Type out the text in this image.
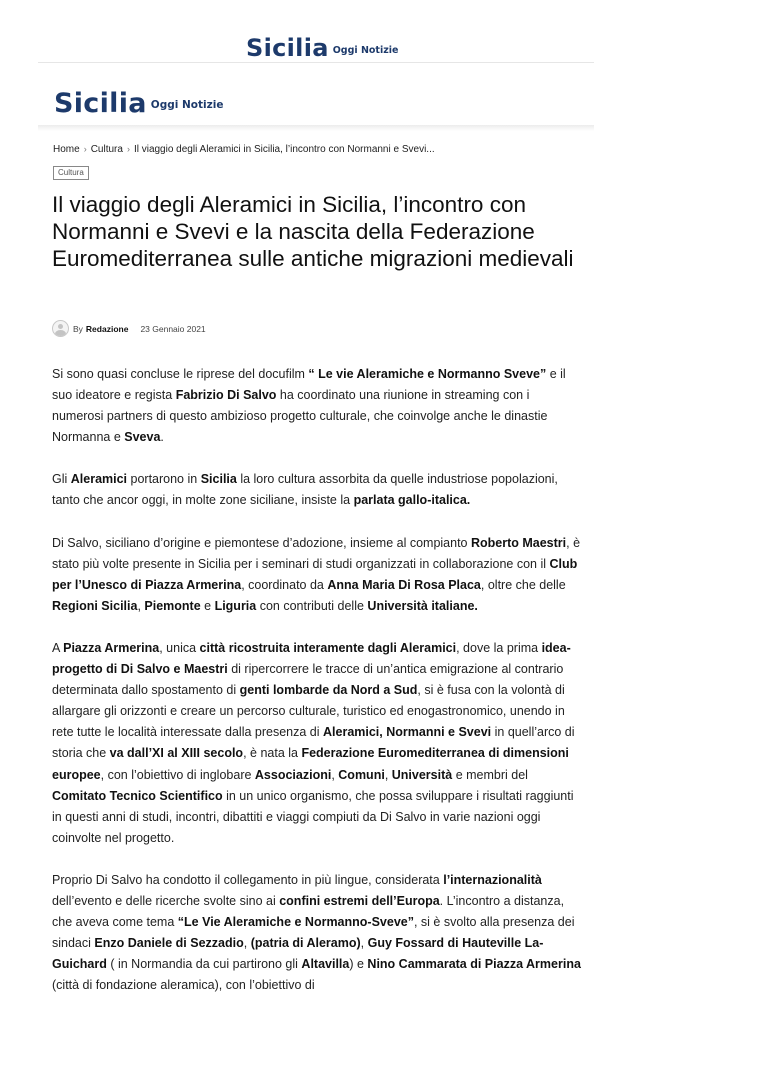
Sicilia Oggi Notizie
Sicilia Oggi Notizie
Home › Cultura › Il viaggio degli Aleramici in Sicilia, l’incontro con Normanni e Svevi...
Cultura
Il viaggio degli Aleramici in Sicilia, l’incontro con Normanni e Svevi e la nascita della Federazione Euromediterranea sulle antiche migrazioni medievali
By Redazione 23 Gennaio 2021

Si sono quasi concluse le riprese del docufilm “ Le vie Aleramiche e Normanno Sveve” e il suo ideatore e regista Fabrizio Di Salvo ha coordinato una riunione in streaming con i numerosi partners di questo ambizioso progetto culturale, che coinvolge anche le dinastie Normanna e Sveva.

Gli Aleramici portarono in Sicilia la loro cultura assorbita da quelle industriose popolazioni, tanto che ancor oggi, in molte zone siciliane, insiste la parlata gallo-italica.

Di Salvo, siciliano d’origine e piemontese d’adozione, insieme al compianto Roberto Maestri, è stato più volte presente in Sicilia per i seminari di studi organizzati in collaborazione con il Club per l’Unesco di Piazza Armerina, coordinato da Anna Maria Di Rosa Placa, oltre che delle Regioni Sicilia, Piemonte e Liguria con contributi delle Università italiane.

A Piazza Armerina, unica città ricostruita interamente dagli Aleramici, dove la prima idea- progetto di Di Salvo e Maestri di ripercorrere le tracce di un’antica emigrazione al contrario determinata dallo spostamento di genti lombarde da Nord a Sud, si è fusa con la volontà di allargare gli orizzonti e creare un percorso culturale, turistico ed enogastronomico, unendo in rete tutte le località interessate dalla presenza di Aleramici, Normanni e Svevi in quell’arco di storia che va dall’XI al XIII secolo, è nata la Federazione Euromediterranea di dimensioni europee, con l’obiettivo di inglobare Associazioni, Comuni, Università e membri del Comitato Tecnico Scientifico in un unico organismo, che possa sviluppare i risultati raggiunti in questi anni di studi, incontri, dibattiti e viaggi compiuti da Di Salvo in varie nazioni oggi coinvolte nel progetto.

Proprio Di Salvo ha condotto il collegamento in più lingue, considerata l’internazionalità dell’evento e delle ricerche svolte sino ai confini estremi dell’Europa. L’incontro a distanza, che aveva come tema “Le Vie Aleramiche e Normanno-Sveve”, si è svolto alla presenza dei sindaci Enzo Daniele di Sezzadio, (patria di Aleramo), Guy Fossard di Hauteville La-Guichard ( in Normandia da cui partirono gli Altavilla) e Nino Cammarata di Piazza Armerina (città di fondazione aleramica), con l’obiettivo di
